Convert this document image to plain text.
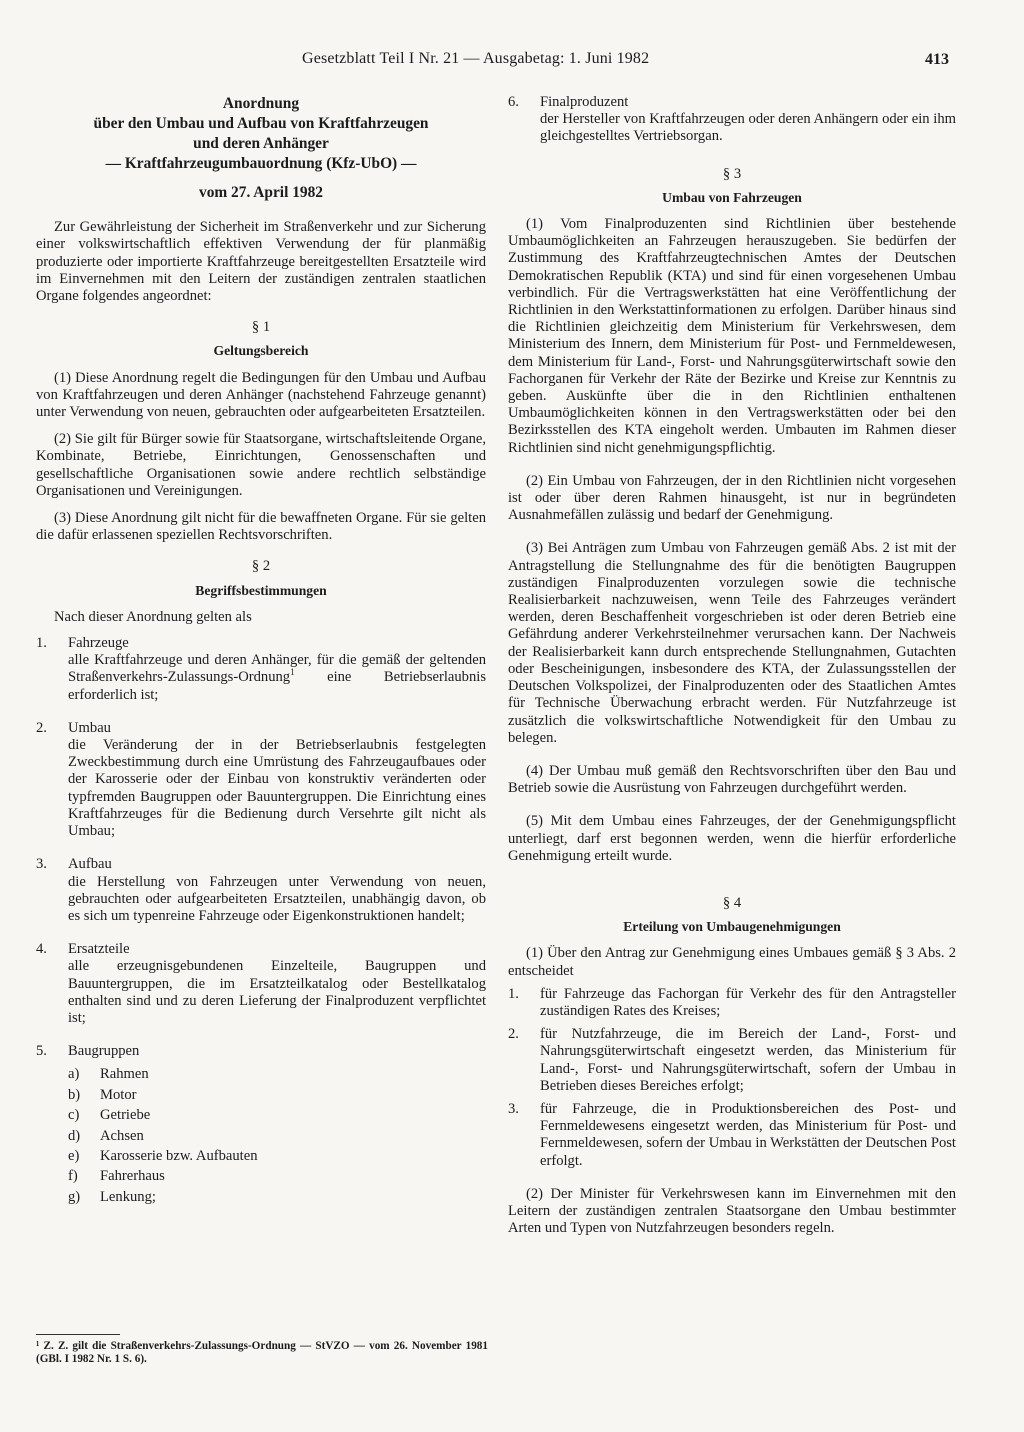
Gesetzblatt Teil I Nr. 21 — Ausgabetag: 1. Juni 1982	413

Anordnung

über den Umbau und Aufbau von Kraftfahrzeugen

und deren Anhänger

— Kraftfahrzeugumbauordnung (Kfz-UbO) —

vom 27. April 1982

Zur Gewährleistung der Sicherheit im Straßenverkehr und zur Sicherung einer volkswirtschaftlich effektiven Verwendung der für planmäßig produzierte oder importierte Kraftfahrzeuge bereitgestellten Ersatzteile wird im Einvernehmen mit den Leitern der zuständigen zentralen staatlichen Organe folgendes angeordnet:

§ 1

Geltungsbereich

(1) Diese Anordnung regelt die Bedingungen für den Umbau und Aufbau von Kraftfahrzeugen und deren Anhänger (nachstehend Fahrzeuge genannt) unter Verwendung von neuen, gebrauchten oder aufgearbeiteten Ersatzteilen.

(2) Sie gilt für Bürger sowie für Staatsorgane, wirtschaftsleitende Organe, Kombinate, Betriebe, Einrichtungen, Genossenschaften und gesellschaftliche Organisationen sowie andere rechtlich selbständige Organisationen und Vereinigungen.

(3) Diese Anordnung gilt nicht für die bewaffneten Organe. Für sie gelten die dafür erlassenen speziellen Rechtsvorschriften.

§ 2

Begriffsbestimmungen

Nach dieser Anordnung gelten als

1.	Fahrzeuge
alle Kraftfahrzeuge und deren Anhänger, für die gemäß der geltenden Straßenverkehrs-Zulassungs-Ordnung$^1$ eine Betriebserlaubnis erforderlich ist;
2.	Umbau
die Veränderung der in der Betriebserlaubnis festgelegten Zweckbestimmung durch eine Umrüstung des Fahrzeugaufbaues oder der Karosserie oder der Einbau von konstruktiv veränderten oder typfremden Baugruppen oder Bauuntergruppen. Die Einrichtung eines Kraftfahrzeuges für die Bedienung durch Versehrte gilt nicht als Umbau;
3.	Aufbau
die Herstellung von Fahrzeugen unter Verwendung von neuen, gebrauchten oder aufgearbeiteten Ersatzteilen, unabhängig davon, ob es sich um typenreine Fahrzeuge oder Eigenkonstruktionen handelt;
4.	Ersatzteile
alle erzeugnisgebundenen Einzelteile, Baugruppen und Bauuntergruppen, die im Ersatzteilkatalog oder Bestellkatalog enthalten sind und zu deren Lieferung der Finalproduzent verpflichtet ist;
5.	Baugruppen
a)	Rahmen
b)	Motor
c)	Getriebe
d)	Achsen
e)	Karosserie bzw. Aufbauten
f)	Fahrerhaus
g)	Lenkung;
¹ Z. Z. gilt die Straßenverkehrs-Zulassungs-Ordnung — StVZO — vom 26. November 1981 (GBl. I 1982 Nr. 1 S. 6).
6.	Finalproduzent
der Hersteller von Kraftfahrzeugen oder deren Anhängern oder ein ihm gleichgestelltes Vertriebsorgan.

§ 3

Umbau von Fahrzeugen

(1) Vom Finalproduzenten sind Richtlinien über bestehende Umbaumöglichkeiten an Fahrzeugen herauszugeben. Sie bedürfen der Zustimmung des Kraftfahrzeugtechnischen Amtes der Deutschen Demokratischen Republik (KTA) und sind für einen vorgesehenen Umbau verbindlich. Für die Vertragswerkstätten hat eine Veröffentlichung der Richtlinien in den Werkstattinformationen zu erfolgen. Darüber hinaus sind die Richtlinien gleichzeitig dem Ministerium für Verkehrswesen, dem Ministerium des Innern, dem Ministerium für Post- und Fernmeldewesen, dem Ministerium für Land-, Forst- und Nahrungsgüterwirtschaft sowie den Fachorganen für Verkehr der Räte der Bezirke und Kreise zur Kenntnis zu geben. Auskünfte über die in den Richtlinien enthaltenen Umbaumöglichkeiten können in den Vertragswerkstätten oder bei den Bezirksstellen des KTA eingeholt werden. Umbauten im Rahmen dieser Richtlinien sind nicht genehmigungspflichtig.

(2) Ein Umbau von Fahrzeugen, der in den Richtlinien nicht vorgesehen ist oder über deren Rahmen hinausgeht, ist nur in begründeten Ausnahmefällen zulässig und bedarf der Genehmigung.

(3) Bei Anträgen zum Umbau von Fahrzeugen gemäß Abs. 2 ist mit der Antragstellung die Stellungnahme des für die benötigten Baugruppen zuständigen Finalproduzenten vorzulegen sowie die technische Realisierbarkeit nachzuweisen, wenn Teile des Fahrzeuges verändert werden, deren Beschaffenheit vorgeschrieben ist oder deren Betrieb eine Gefährdung anderer Verkehrsteilnehmer verursachen kann. Der Nachweis der Realisierbarkeit kann durch entsprechende Stellungnahmen, Gutachten oder Bescheinigungen, insbesondere des KTA, der Zulassungsstellen der Deutschen Volkspolizei, der Finalproduzenten oder des Staatlichen Amtes für Technische Überwachung erbracht werden. Für Nutzfahrzeuge ist zusätzlich die volkswirtschaftliche Notwendigkeit für den Umbau zu belegen.

(4) Der Umbau muß gemäß den Rechtsvorschriften über den Bau und Betrieb sowie die Ausrüstung von Fahrzeugen durchgeführt werden.

(5) Mit dem Umbau eines Fahrzeuges, der der Genehmigungspflicht unterliegt, darf erst begonnen werden, wenn die hierfür erforderliche Genehmigung erteilt wurde.

§ 4

Erteilung von Umbaugenehmigungen

(1) Über den Antrag zur Genehmigung eines Umbaues gemäß § 3 Abs. 2 entscheidet

1.	für Fahrzeuge das Fachorgan für Verkehr des für den Antragsteller zuständigen Rates des Kreises;
2.	für Nutzfahrzeuge, die im Bereich der Land-, Forst- und Nahrungsgüterwirtschaft eingesetzt werden, das Ministerium für Land-, Forst- und Nahrungsgüterwirtschaft, sofern der Umbau in Betrieben dieses Bereiches erfolgt;
3.	für Fahrzeuge, die in Produktionsbereichen des Post- und Fernmeldewesens eingesetzt werden, das Ministerium für Post- und Fernmeldewesen, sofern der Umbau in Werkstätten der Deutschen Post erfolgt.

(2) Der Minister für Verkehrswesen kann im Einvernehmen mit den Leitern der zuständigen zentralen Staatsorgane den Umbau bestimmter Arten und Typen von Nutzfahrzeugen besonders regeln.
